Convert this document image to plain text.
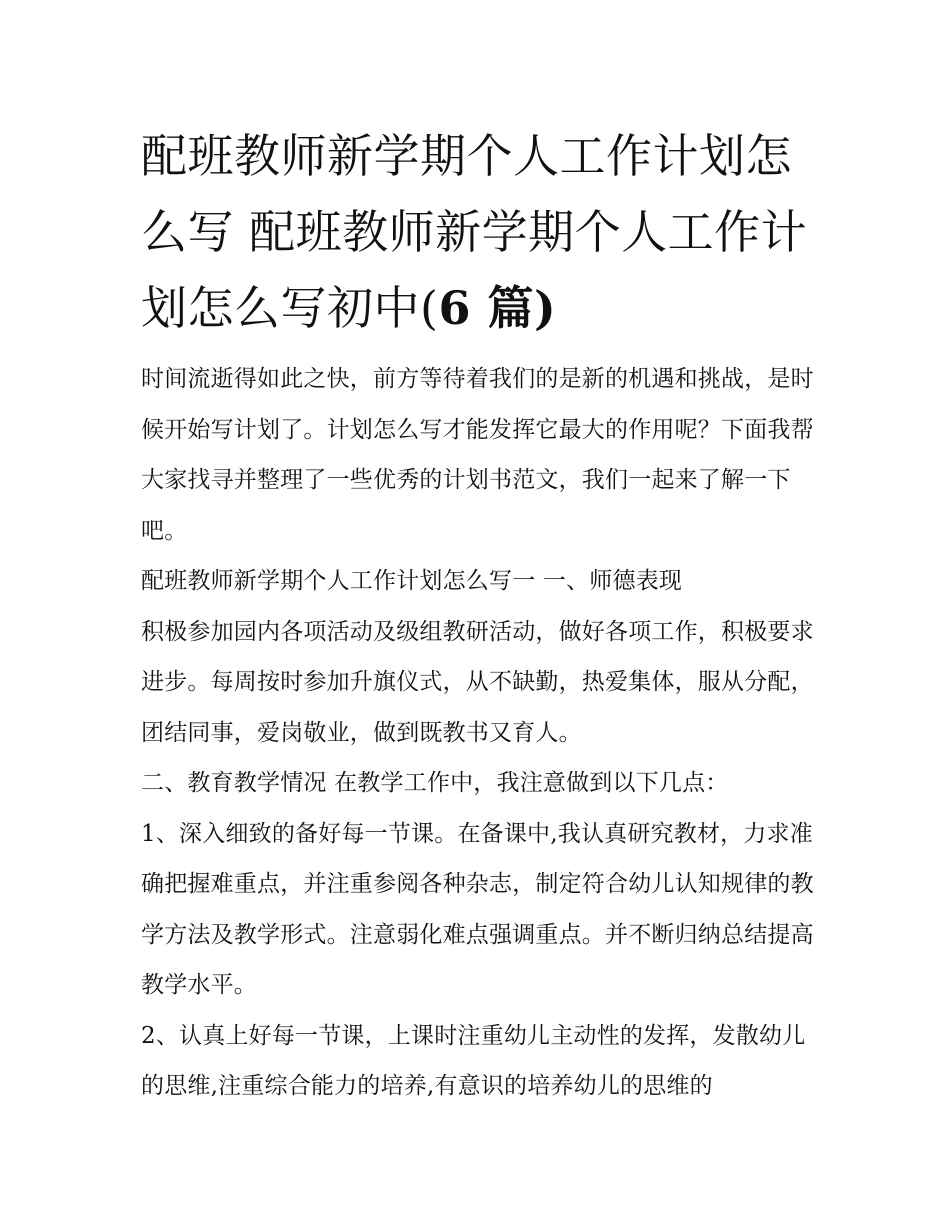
配班教师新学期个人工作计划怎么写 配班教师新学期个人工作计划怎么写初中(6 篇)

时间流逝得如此之快，前方等待着我们的是新的机遇和挑战，是时候开始写计划了。计划怎么写才能发挥它最大的作用呢？下面我帮大家找寻并整理了一些优秀的计划书范文，我们一起来了解一下吧。

配班教师新学期个人工作计划怎么写一 一、师德表现

积极参加园内各项活动及级组教研活动，做好各项工作，积极要求进步。每周按时参加升旗仪式，从不缺勤，热爱集体，服从分配，团结同事，爱岗敬业，做到既教书又育人。

二、教育教学情况 在教学工作中，我注意做到以下几点：

1、深入细致的备好每一节课。在备课中,我认真研究教材，力求准确把握难重点，并注重参阅各种杂志，制定符合幼儿认知规律的教学方法及教学形式。注意弱化难点强调重点。并不断归纳总结提高教学水平。

2、认真上好每一节课，上课时注重幼儿主动性的发挥，发散幼儿的思维,注重综合能力的培养,有意识的培养幼儿的思维的
